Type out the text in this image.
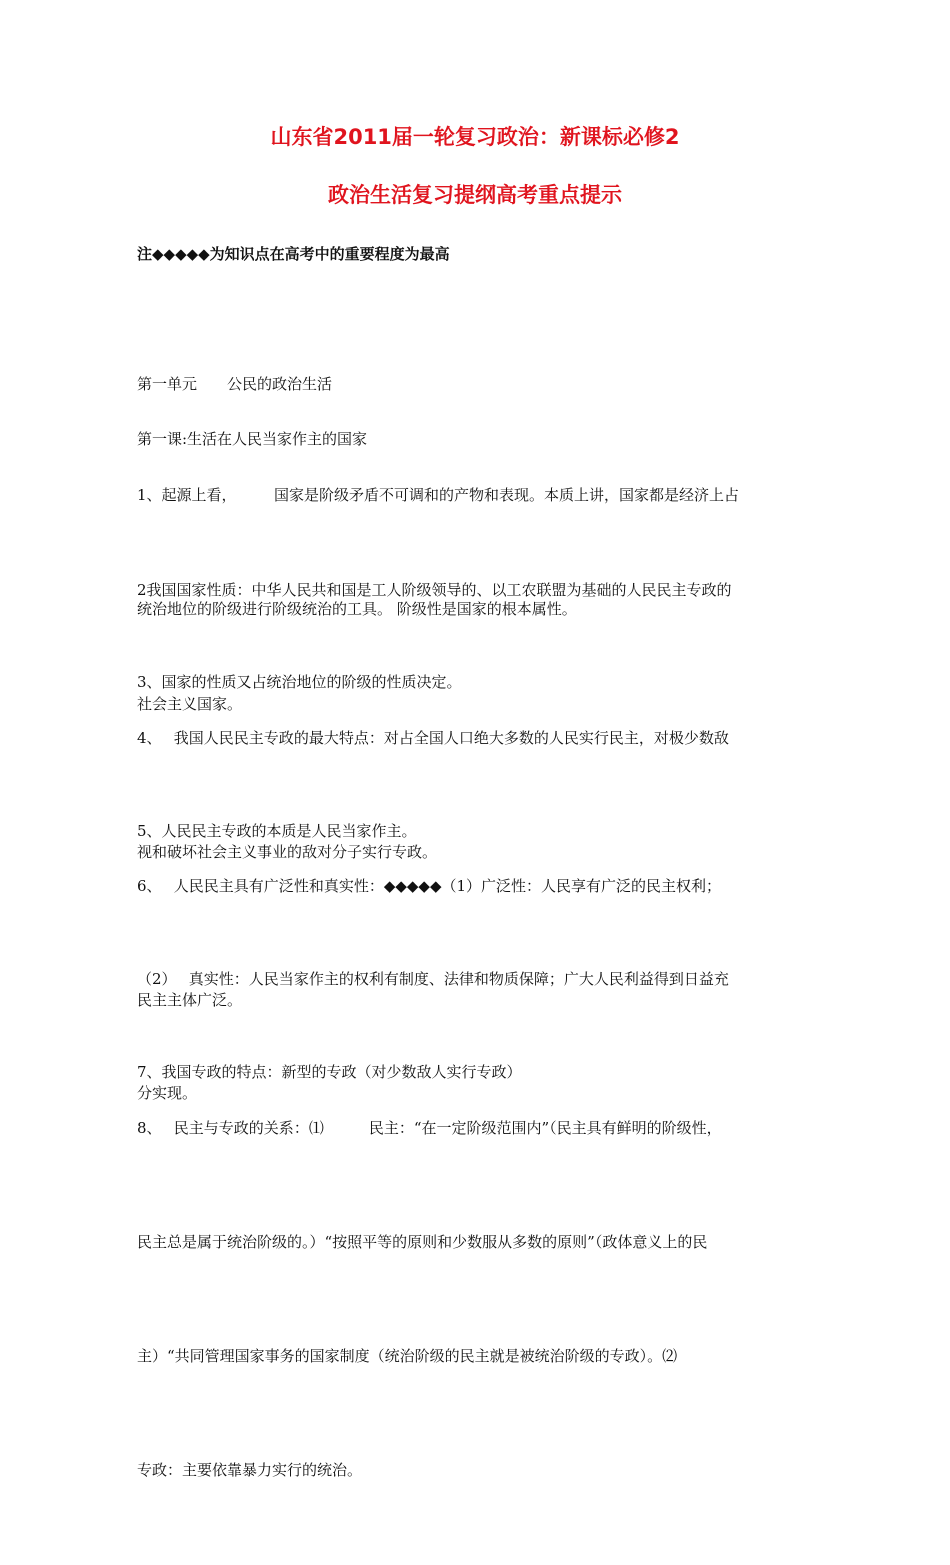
山东省2011届一轮复习政治：新课标必修2
政治生活复习提纲高考重点提示
注◆◆◆◆◆为知识点在高考中的重要程度为最高

第一单元　　公民的政治生活

第一课:生活在人民当家作主的国家

1、起源上看，　　　国家是阶级矛盾不可调和的产物和表现。本质上讲，国家都是经济上占

统治地位的阶级进行阶级统治的工具。 阶级性是国家的根本属性。

2我国国家性质：中华人民共和国是工人阶级领导的、以工农联盟为基础的人民民主专政的

社会主义国家。

3、国家的性质又占统治地位的阶级的性质决定。

4、　 我国人民民主专政的最大特点：对占全国人口绝大多数的人民实行民主，对极少数敌

视和破坏社会主义事业的敌对分子实行专政。

5、人民民主专政的本质是人民当家作主。

6、　 人民民主具有广泛性和真实性：◆◆◆◆◆（1）广泛性：人民享有广泛的民主权利；

民主主体广泛。

（2）　 真实性：人民当家作主的权利有制度、法律和物质保障；广大人民利益得到日益充

分实现。

7、我国专政的特点：新型的专政（对少数敌人实行专政）

8、　 民主与专政的关系：⑴　　　民主：“在一定阶级范围内”（民主具有鲜明的阶级性，

民主总是属于统治阶级的。）“按照平等的原则和少数服从多数的原则”（政体意义上的民

主）“共同管理国家事务的国家制度（统治阶级的民主就是被统治阶级的专政）。⑵

专政：主要依靠暴力实行的统治。
